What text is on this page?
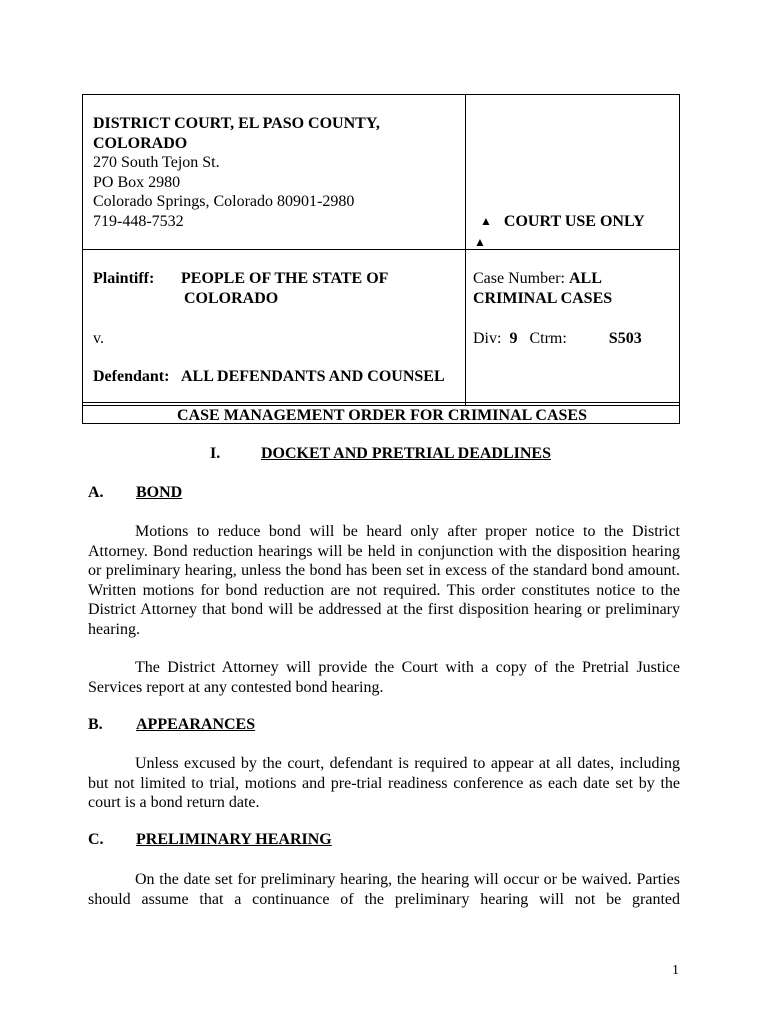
DISTRICT COURT, EL PASO COUNTY,
COLORADO
270 South Tejon St.
PO Box 2980
Colorado Springs, Colorado 80901-2980
719-448-7532	▲ COURT USE ONLY
▲
Plaintiff: PEOPLE OF THE STATE OF
COLORADO
v.
Defendant: ALL DEFENDANTS AND COUNSEL
Case Number: ALL
CRIMINAL CASES
Div: 9 Ctrm:	S503
CASE MANAGEMENT ORDER FOR CRIMINAL CASES
I.	DOCKET AND PRETRIAL DEADLINES
A. BOND

Motions to reduce bond will be heard only after proper notice to the District Attorney. Bond reduction hearings will be held in conjunction with the disposition hearing or preliminary hearing, unless the bond has been set in excess of the standard bond amount. Written motions for bond reduction are not required. This order constitutes notice to the District Attorney that bond will be addressed at the first disposition hearing or preliminary hearing.

The District Attorney will provide the Court with a copy of the Pretrial Justice Services report at any contested bond hearing.

B. APPEARANCES

Unless excused by the court, defendant is required to appear at all dates, including but not limited to trial, motions and pre-trial readiness conference as each date set by the court is a bond return date.

C. PRELIMINARY HEARING

On the date set for preliminary hearing, the hearing will occur or be waived. Parties should assume that a continuance of the preliminary hearing will not be granted

1
